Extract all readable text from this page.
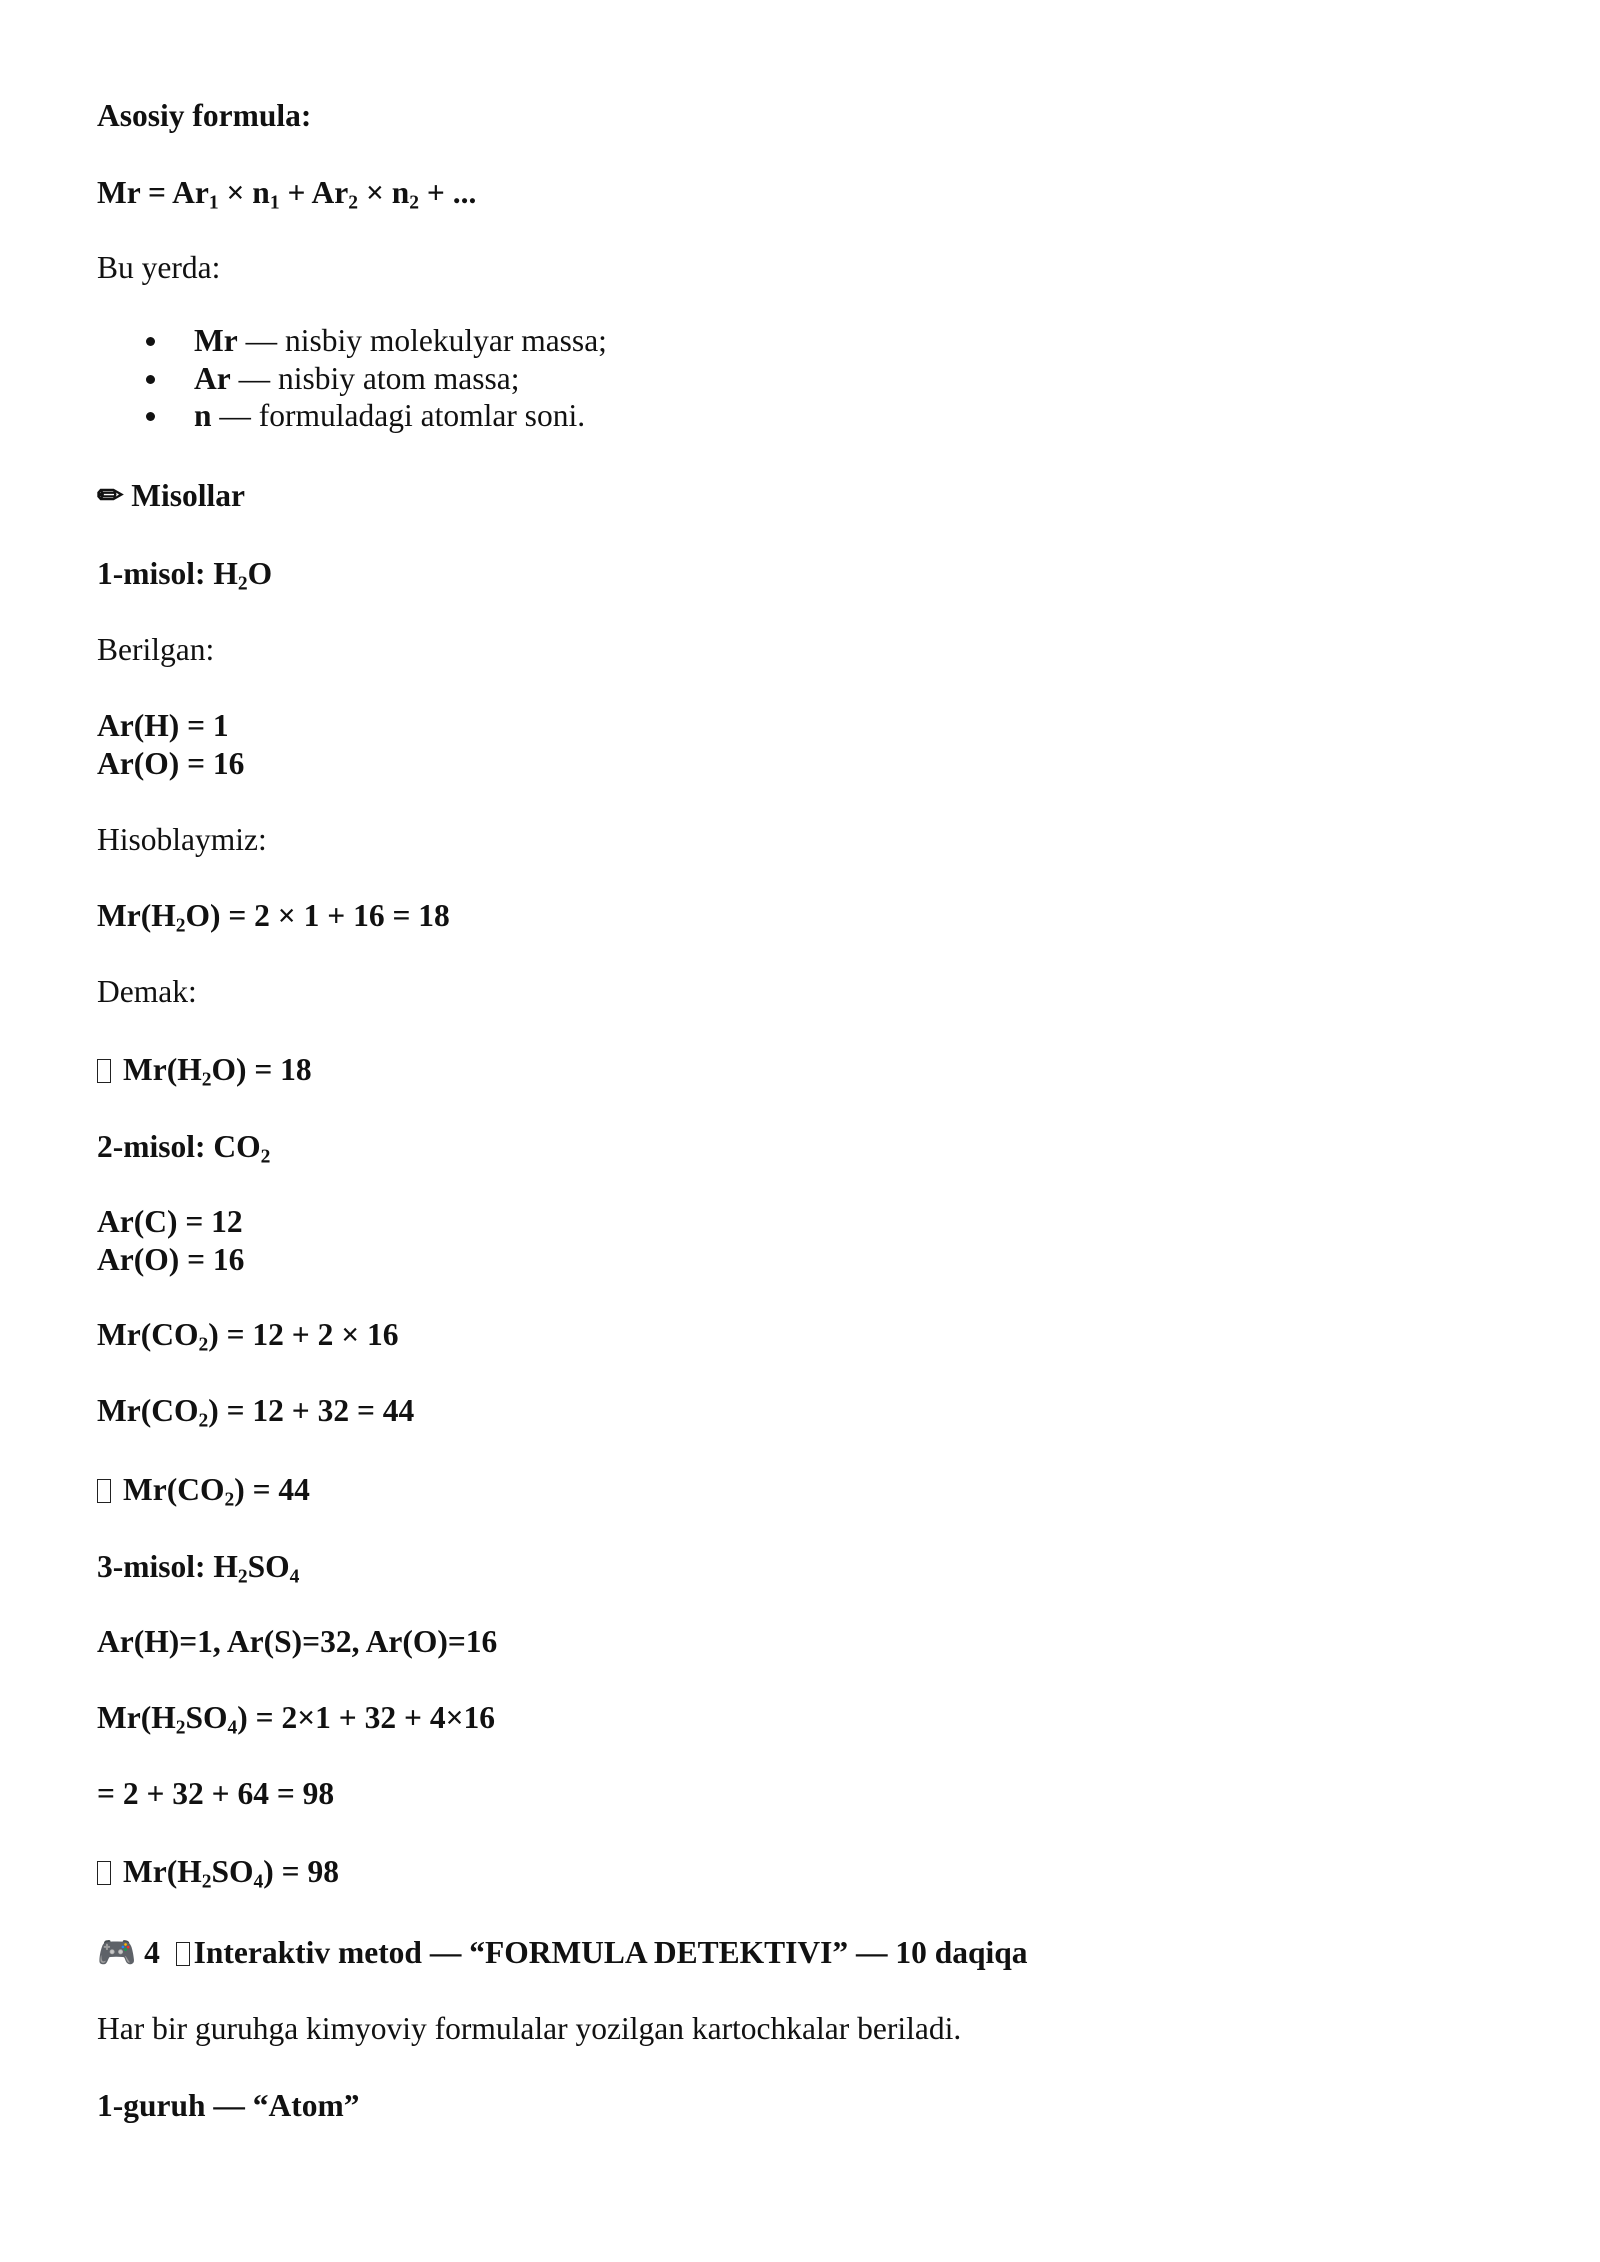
Asosiy formula:
$Mr = Ar_1 \times n_1 + Ar_2 \times n_2$ + ...
Bu yerda:
Mr — nisbiy molekulyar massa;
Ar — nisbiy atom massa;
n — formuladagi atomlar soni.
✏ Misollar
1-misol: $H_2O$
Berilgan:
Ar(H) = 1
Ar(O) = 16
Hisoblaymiz:
$Mr(H_2O) = 2 \times 1 + 16 = 18$
Demak:
$Mr(H_2O) = 18$
2-misol: $CO_2$
Ar(C) = 12
Ar(O) = 16
$Mr(CO_2) = 12 + 2 \times 16$
$Mr(CO_2) = 12 + 32 = 44$
$Mr(CO_2) = 44$
3-misol: $H_2SO_4$
Ar(H)=1, Ar(S)=32, Ar(O)=16
$Mr(H_2SO_4) = 2\times 1 + 32 + 4\times 16$
= 2 + 32 + 64 = 98
$Mr(H_2SO_4) = 98$
🎮 4 Interaktiv metod — “FORMULA DETEKTIVI” — 10 daqiqa
Har bir guruhga kimyoviy formulalar yozilgan kartochkalar beriladi.
1-guruh — “Atom”
